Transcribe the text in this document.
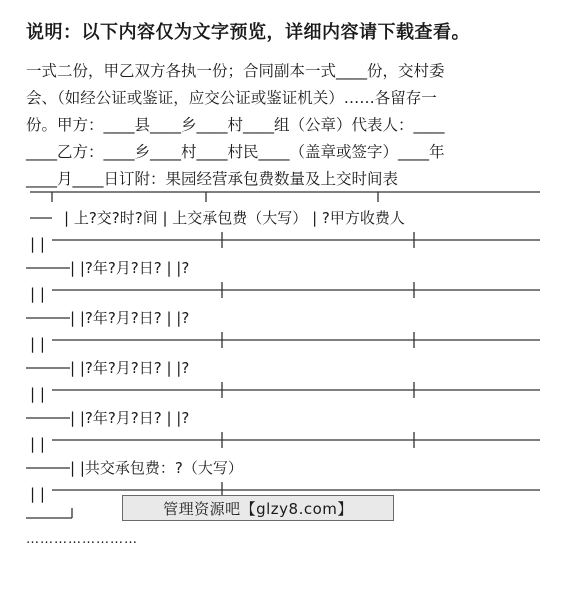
说明：以下内容仅为文字预览，详细内容请下载查看。
一式二份，甲乙双方各执一份；合同副本一式____份，交村委
会、（如经公证或鉴证，应交公证或鉴证机关）……各留存一
份。甲方：____县____乡____村____组（公章）代表人：____
____乙方：____乡____村____村民____（盖章或签字）____年
____月____日订附：果园经营承包费数量及上交时间表
| 上?交?时?间 | 上交承包费（大写） | ?甲方收费人
| |
| |?年?月?日? | |?
| |
| |?年?月?日? | |?
| |
| |?年?月?日? | |?
| |
| |?年?月?日? | |?
| |
| |共交承包费：?（大写）
| |
管理资源吧【glzy8.com】
……………………
